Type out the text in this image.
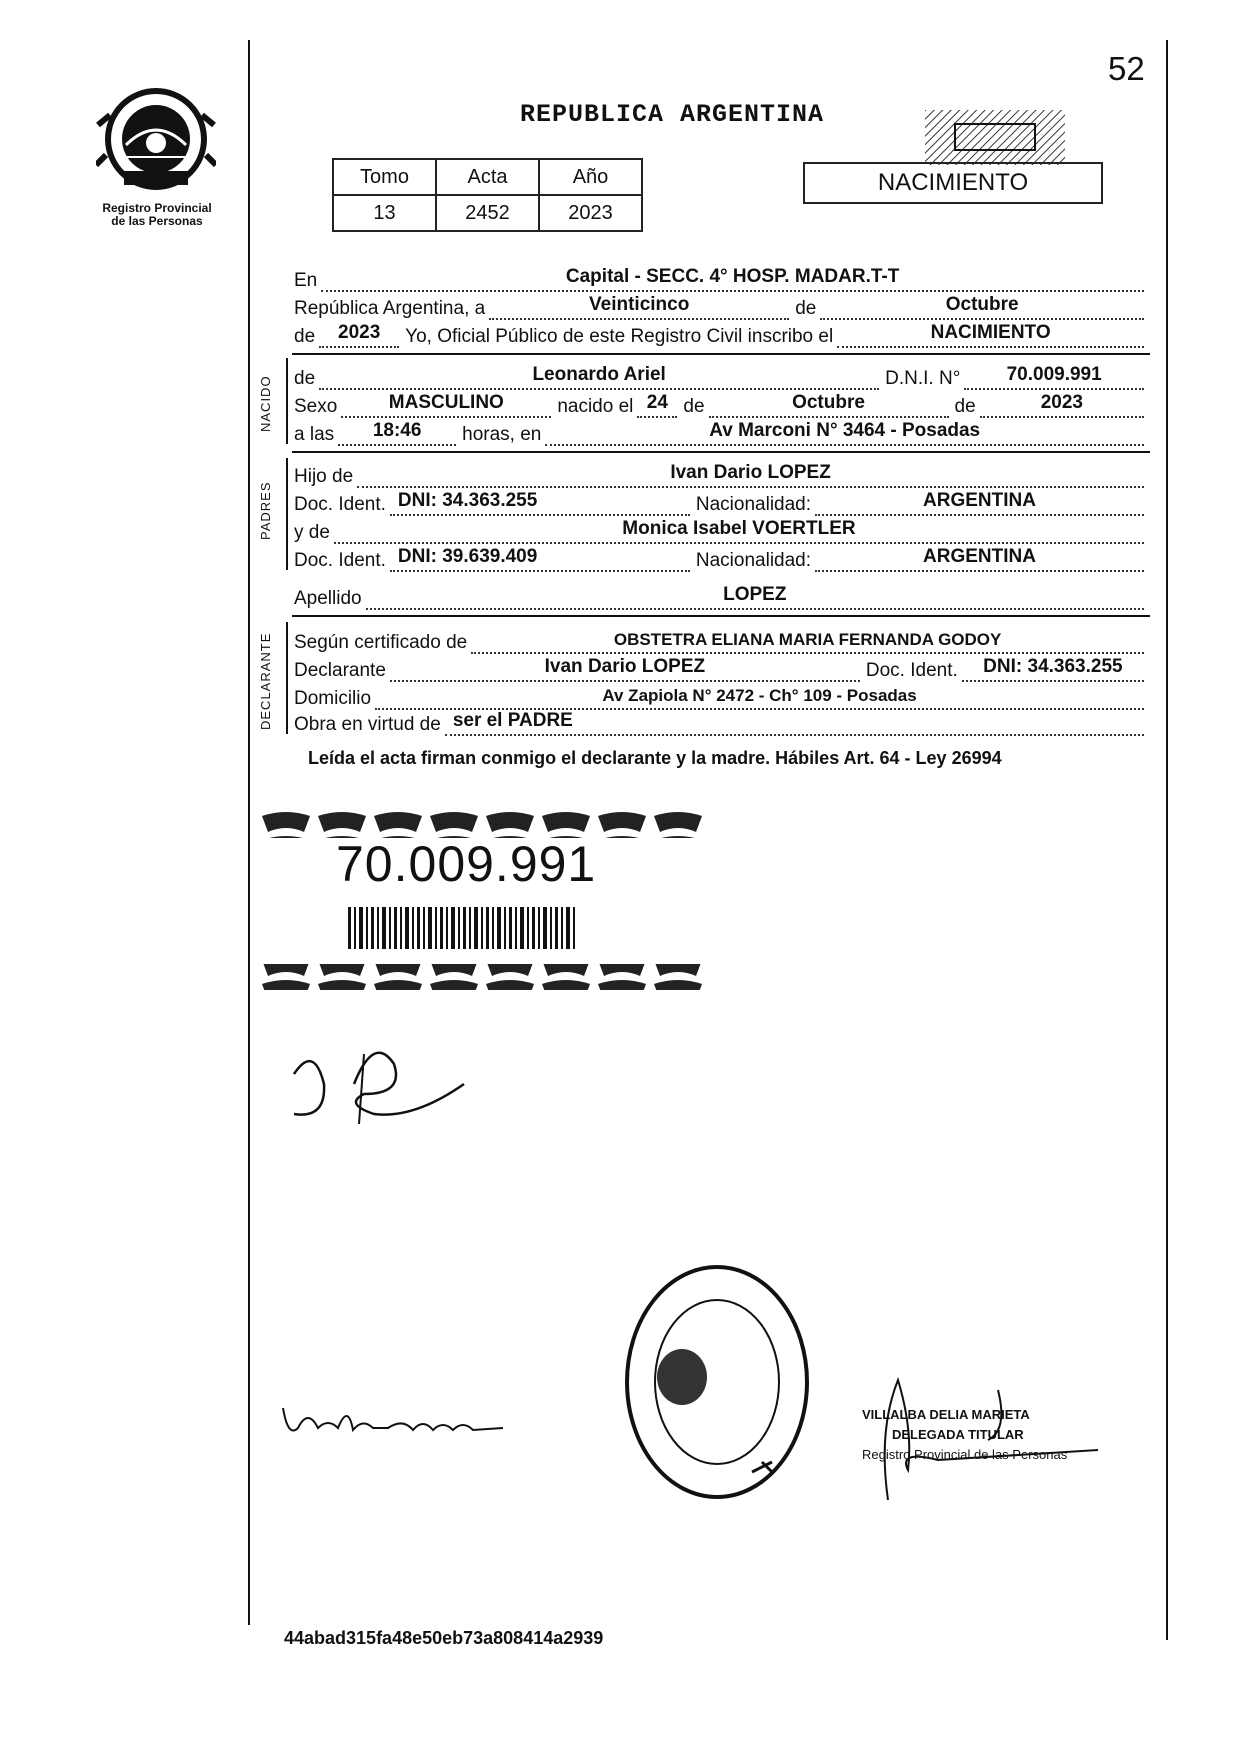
52
Registro Provincial
de las Personas
REPUBLICA ARGENTINA
Tomo	Acta	Año
13	2452	2023
NACIMIENTO
En	Capital - SECC. 4° HOSP. MADAR.T-T
República Argentina, a	Veinticinco	de	Octubre
de	2023	Yo, Oficial Público de este Registro Civil inscribo el	NACIMIENTO
NACIDO de	Leonardo Ariel	D.N.I. N°	70.009.991
Sexo	MASCULINO	nacido el 24 de	Octubre	de	2023
a las	18:46	horas, en	Av Marconi N° 3464 - Posadas
PADRES
Hijo de	Ivan Dario LOPEZ
Doc. Ident. DNI: 34.363.255	Nacionalidad:	ARGENTINA
y de	Monica Isabel VOERTLER
Doc. Ident. DNI: 39.639.409	Nacionalidad:	ARGENTINA
Apellido	LOPEZ
DECLARANTE Según certificado de	OBSTETRA ELIANA MARIA FERNANDA GODOY
Declarante	Ivan Dario LOPEZ	Doc. Ident.	DNI: 34.363.255
Domicilio	Av Zapiola N° 2472 - Ch° 109 - Posadas
Obra en virtud de ser el PADRE
Leída el acta firman conmigo el declarante y la madre. Hábiles Art. 64 - Ley 26994
70.009.991
VILLALBA DELIA MARIETA
DELEGADA TITULAR
Registro Provincial de las Personas
44abad315fa48e50eb73a808414a2939
